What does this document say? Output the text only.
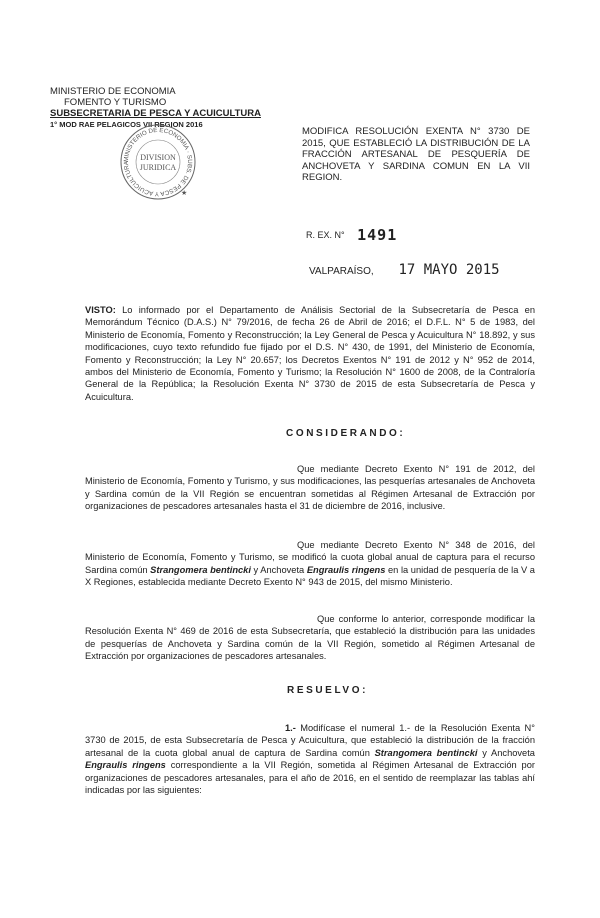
MINISTERIO DE ECONOMIA
FOMENTO Y TURISMO
SUBSECRETARIA DE PESCA Y ACUICULTURA
1° MOD RAE PELAGICOS VII REGION 2016
MINISTERIO DE ECONOMIA · SUBS. DE PESCA Y ACUICULTURA
DIVISION
JURIDICA
★
MODIFICA RESOLUCIÓN EXENTA N° 3730 DE 2015, QUE ESTABLECIÓ LA DISTRIBUCIÓN DE LA FRACCIÓN ARTESANAL DE PESQUERÍA DE ANCHOVETA Y SARDINA COMUN EN LA VII REGION.
R. EX. N° 1491
VALPARAÍSO, 17 MAYO 2015
VISTO: Lo informado por el Departamento de Análisis Sectorial de la Subsecretaría de Pesca en Memorándum Técnico (D.A.S.) N° 79/2016, de fecha 26 de Abril de 2016; el D.F.L. N° 5 de 1983, del Ministerio de Economía, Fomento y Reconstrucción; la Ley General de Pesca y Acuicultura N° 18.892, y sus modificaciones, cuyo texto refundido fue fijado por el D.S. N° 430, de 1991, del Ministerio de Economía, Fomento y Reconstrucción; la Ley N° 20.657; los Decretos Exentos N° 191 de 2012 y N° 952 de 2014, ambos del Ministerio de Economía, Fomento y Turismo; la Resolución N° 1600 de 2008, de la Contraloría General de la República; la Resolución Exenta N° 3730 de 2015 de esta Subsecretaría de Pesca y Acuicultura.
CONSIDERANDO:
Que mediante Decreto Exento N° 191 de 2012, del Ministerio de Economía, Fomento y Turismo, y sus modificaciones, las pesquerías artesanales de Anchoveta y Sardina común de la VII Región se encuentran sometidas al Régimen Artesanal de Extracción por organizaciones de pescadores artesanales hasta el 31 de diciembre de 2016, inclusive.
Que mediante Decreto Exento N° 348 de 2016, del Ministerio de Economía, Fomento y Turismo, se modificó la cuota global anual de captura para el recurso Sardina común Strangomera bentincki y Anchoveta Engraulis ringens en la unidad de pesquería de la V a X Regiones, establecida mediante Decreto Exento N° 943 de 2015, del mismo Ministerio.
Que conforme lo anterior, corresponde modificar la Resolución Exenta N° 469 de 2016 de esta Subsecretaría, que estableció la distribución para las unidades de pesquerías de Anchoveta y Sardina común de la VII Región, sometido al Régimen Artesanal de Extracción por organizaciones de pescadores artesanales.
RESUELVO:
1.- Modifícase el numeral 1.- de la Resolución Exenta N° 3730 de 2015, de esta Subsecretaría de Pesca y Acuicultura, que estableció la distribución de la fracción artesanal de la cuota global anual de captura de Sardina común Strangomera bentincki y Anchoveta Engraulis ringens correspondiente a la VII Región, sometida al Régimen Artesanal de Extracción por organizaciones de pescadores artesanales, para el año de 2016, en el sentido de reemplazar las tablas ahí indicadas por las siguientes:
